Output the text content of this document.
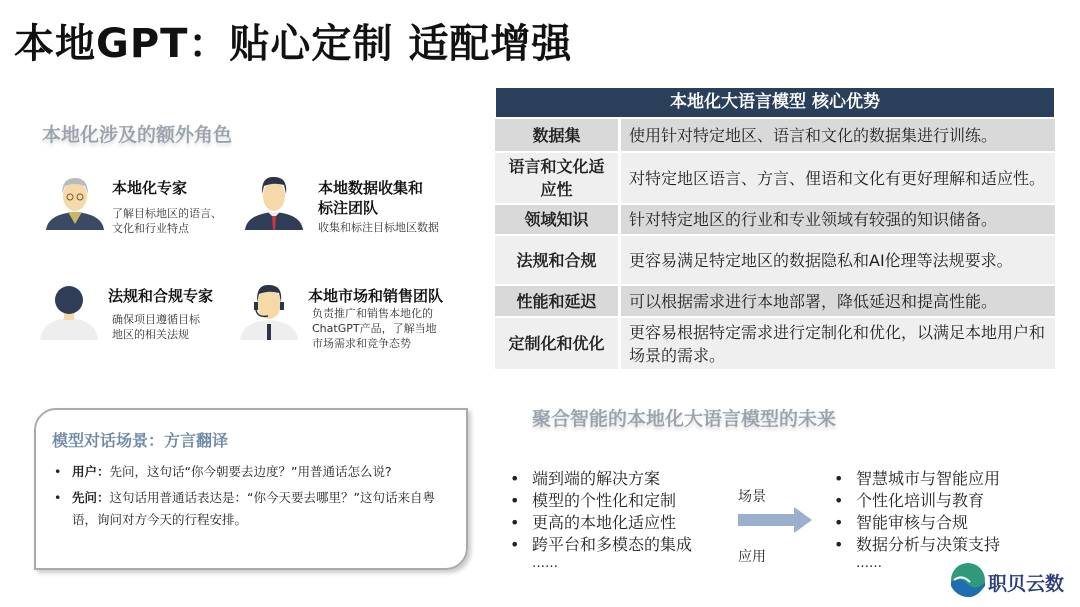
本地GPT：贴心定制 适配增强
本地化涉及的额外角色
本地化专家
了解目标地区的语言、文化和行业特点
本地数据收集和标注团队
收集和标注目标地区数据
法规和合规专家
确保项目遵循目标地区的相关法规
本地市场和销售团队
负责推广和销售本地化的ChatGPT产品，了解当地市场需求和竞争态势
本地化大语言模型 核心优势
数据集	使用针对特定地区、语言和文化的数据集进行训练。
语言和文化适应性	对特定地区语言、方言、俚语和文化有更好理解和适应性。
领域知识	针对特定地区的行业和专业领域有较强的知识储备。
法规和合规	更容易满足特定地区的数据隐私和AI伦理等法规要求。
性能和延迟	可以根据需求进行本地部署，降低延迟和提高性能。
定制化和优化	更容易根据特定需求进行定制化和优化，以满足本地用户和场景的需求。
模型对话场景：方言翻译
• 用户：先问，这句话“你今朝要去边度？”用普通话怎么说?
• 先问：这句话用普通话表达是：“你今天要去哪里？”这句话来自粤语，询问对方今天的行程安排。
聚合智能的本地化大语言模型的未来
• 端到端的解决方案
• 模型的个性化和定制
• 更高的本地化适应性
• 跨平台和多模态的集成
……
场景
应用
• 智慧城市与智能应用
• 个性化培训与教育
• 智能审核与合规
• 数据分析与决策支持
……
职贝云数
